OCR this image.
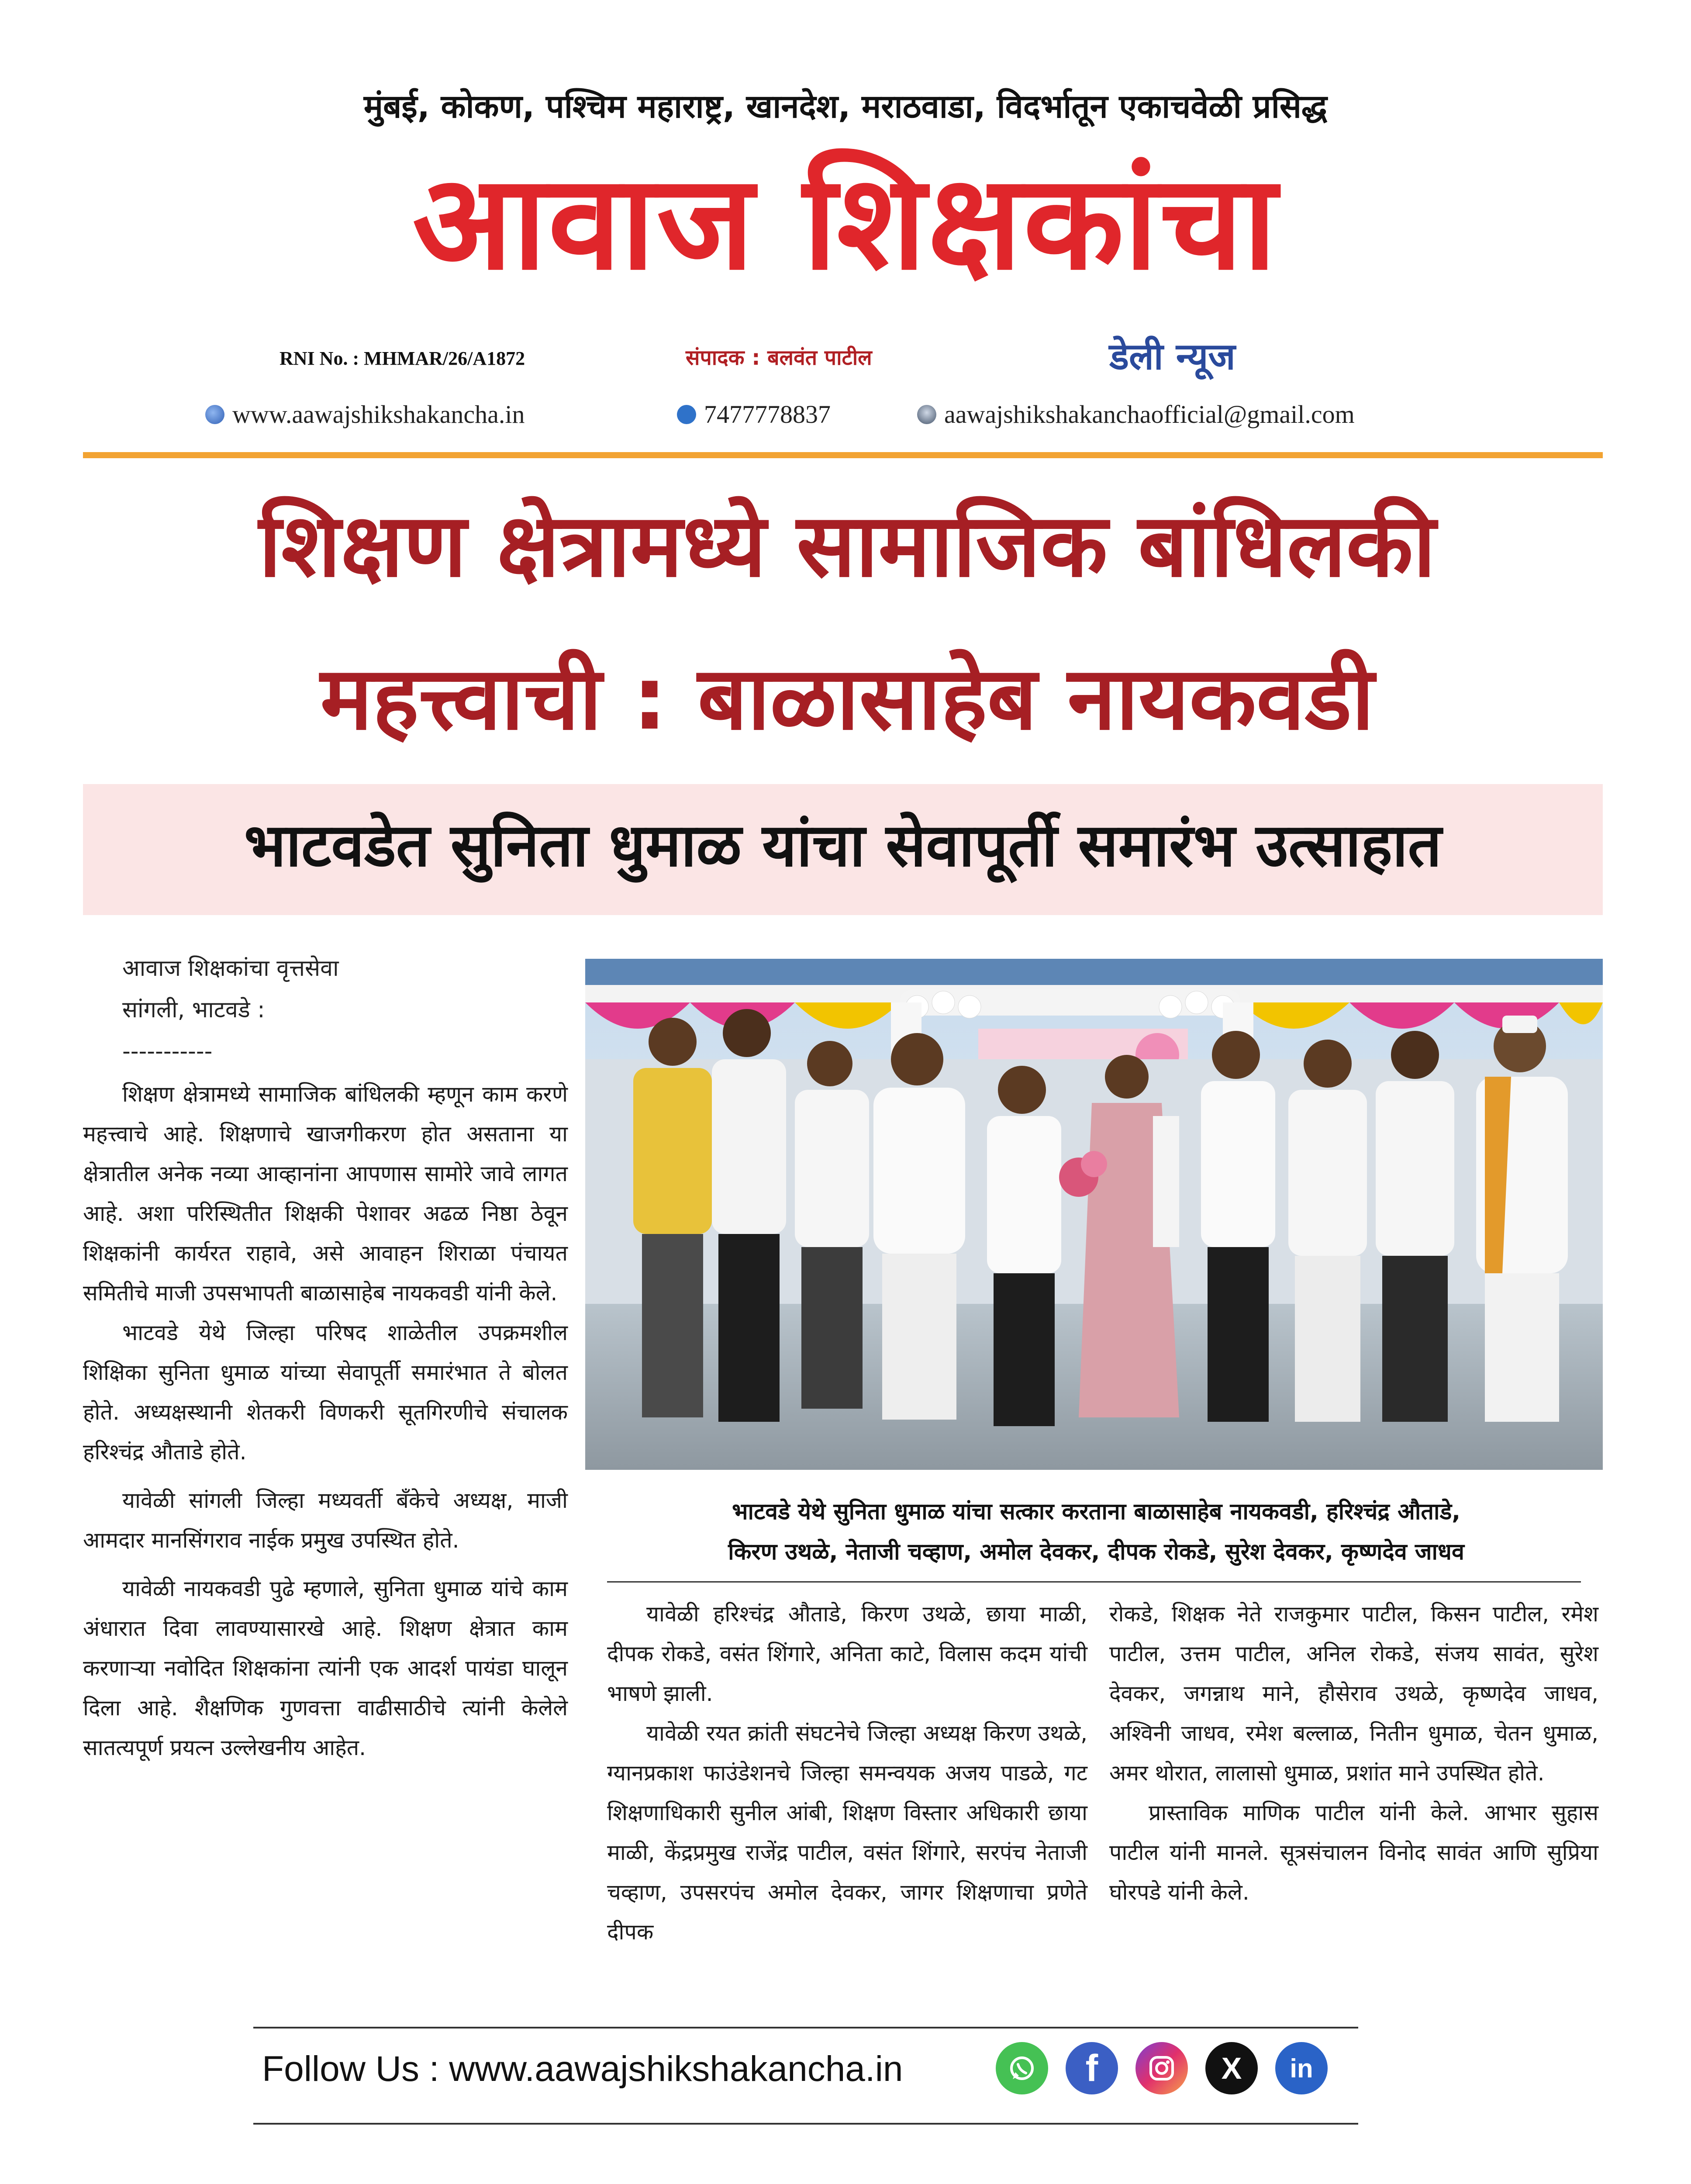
मुंबई, कोकण, पश्चिम महाराष्ट्र, खानदेश, मराठवाडा, विदर्भातून एकाचवेळी प्रसिद्ध
आवाज शिक्षकांचा
RNI No. : MHMAR/26/A1872	संपादक : बलवंत पाटील	डेली न्यूज
www.aawajshikshakancha.in	7477778837	aawajshikshakanchaofficial@gmail.com
शिक्षण क्षेत्रामध्ये सामाजिक बांधिलकी
महत्त्वाची : बाळासाहेब नायकवडी
भाटवडेत सुनिता धुमाळ यांचा सेवापूर्ती समारंभ उत्साहात
आवाज शिक्षकांचा वृत्तसेवा
सांगली, भाटवडे :
-----------

शिक्षण क्षेत्रामध्ये सामाजिक बांधिलकी म्हणून काम करणे महत्त्वाचे आहे. शिक्षणाचे खाजगीकरण होत असताना या क्षेत्रातील अनेक नव्या आव्हानांना आपणास सामोरे जावे लागत आहे. अशा परिस्थितीत शिक्षकी पेशावर अढळ निष्ठा ठेवून शिक्षकांनी कार्यरत राहावे, असे आवाहन शिराळा पंचायत समितीचे माजी उपसभापती बाळासाहेब नायकवडी यांनी केले.

भाटवडे येथे जिल्हा परिषद शाळेतील उपक्रमशील शिक्षिका सुनिता धुमाळ यांच्या सेवापूर्ती समारंभात ते बोलत होते. अध्यक्षस्थानी शेतकरी विणकरी सूतगिरणीचे संचालक हरिश्चंद्र औताडे होते.

यावेळी सांगली जिल्हा मध्यवर्ती बँकेचे अध्यक्ष, माजी आमदार मानसिंगराव नाईक प्रमुख उपस्थित होते.

यावेळी नायकवडी पुढे म्हणाले, सुनिता धुमाळ यांचे काम अंधारात दिवा लावण्यासारखे आहे. शिक्षण क्षेत्रात काम करणाऱ्या नवोदित शिक्षकांना त्यांनी एक आदर्श पायंडा घालून दिला आहे. शैक्षणिक गुणवत्ता वाढीसाठीचे त्यांनी केलेले सातत्यपूर्ण प्रयत्न उल्लेखनीय आहेत.

भाटवडे येथे सुनिता धुमाळ यांचा सत्कार करताना बाळासाहेब नायकवडी, हरिश्चंद्र औताडे,
किरण उथळे, नेताजी चव्हाण, अमोल देवकर, दीपक रोकडे, सुरेश देवकर, कृष्णदेव जाधव

यावेळी हरिश्चंद्र औताडे, किरण उथळे, छाया माळी, दीपक रोकडे, वसंत शिंगारे, अनिता काटे, विलास कदम यांची भाषणे झाली.

यावेळी रयत क्रांती संघटनेचे जिल्हा अध्यक्ष किरण उथळे, ग्यानप्रकाश फाउंडेशनचे जिल्हा समन्वयक अजय पाडळे, गट शिक्षणाधिकारी सुनील आंबी, शिक्षण विस्तार अधिकारी छाया माळी, केंद्रप्रमुख राजेंद्र पाटील, वसंत शिंगारे, सरपंच नेताजी चव्हाण, उपसरपंच अमोल देवकर, जागर शिक्षणाचा प्रणेते दीपक

रोकडे, शिक्षक नेते राजकुमार पाटील, किसन पाटील, रमेश पाटील, उत्तम पाटील, अनिल रोकडे, संजय सावंत, सुरेश देवकर, जगन्नाथ माने, हौसेराव उथळे, कृष्णदेव जाधव, अश्विनी जाधव, रमेश बल्लाळ, नितीन धुमाळ, चेतन धुमाळ, अमर थोरात, लालासो धुमाळ, प्रशांत माने उपस्थित होते.

प्रास्ताविक माणिक पाटील यांनी केले. आभार सुहास पाटील यांनी मानले. सूत्रसंचालन विनोद सावंत आणि सुप्रिया घोरपडे यांनी केले.

Follow Us : www.aawajshikshakancha.in	f	X	in
